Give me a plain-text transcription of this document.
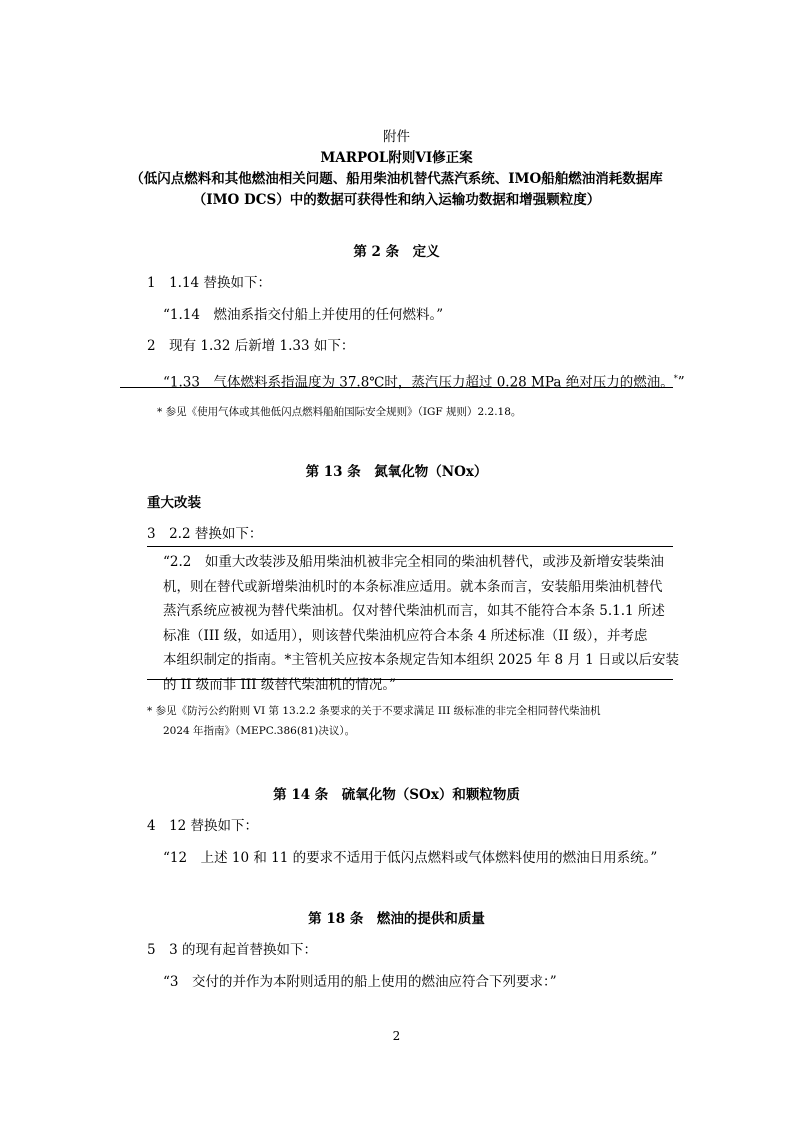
附件
MARPOL附则VI修正案
（低闪点燃料和其他燃油相关问题、船用柴油机替代蒸汽系统、IMO船舶燃油消耗数据库
（IMO DCS）中的数据可获得性和纳入运输功数据和增强颗粒度）
第 2 条　定义
1　1.14 替换如下：
“1.14　燃油系指交付船上并使用的任何燃料。”
2　现有 1.32 后新增 1.33 如下：
“1.33　气体燃料系指温度为 37.8℃时，蒸汽压力超过 0.28 MPa 绝对压力的燃油。*”
* 参见《使用气体或其他低闪点燃料船舶国际安全规则》（IGF 规则）2.2.18。
第 13 条　氮氧化物（NOx）
重大改装
3　2.2 替换如下：
“2.2　如重大改装涉及船用柴油机被非完全相同的柴油机替代，或涉及新增安装柴油
机，则在替代或新增柴油机时的本条标准应适用。就本条而言，安装船用柴油机替代
蒸汽系统应被视为替代柴油机。仅对替代柴油机而言，如其不能符合本条 5.1.1 所述
标准（III 级，如适用），则该替代柴油机应符合本条 4 所述标准（II 级），并考虑
本组织制定的指南。*主管机关应按本条规定告知本组织 2025 年 8 月 1 日或以后安装
的 II 级而非 III 级替代柴油机的情况。”
* 参见《防污公约附则 VI 第 13.2.2 条要求的关于不要求满足 III 级标准的非完全相同替代柴油机
2024 年指南》（MEPC.386(81)决议）。
第 14 条　硫氧化物（SOx）和颗粒物质
4　12 替换如下：
“12　上述 10 和 11 的要求不适用于低闪点燃料或气体燃料使用的燃油日用系统。”
第 18 条　燃油的提供和质量
5　3 的现有起首替换如下：
“3　交付的并作为本附则适用的船上使用的燃油应符合下列要求：”
2
